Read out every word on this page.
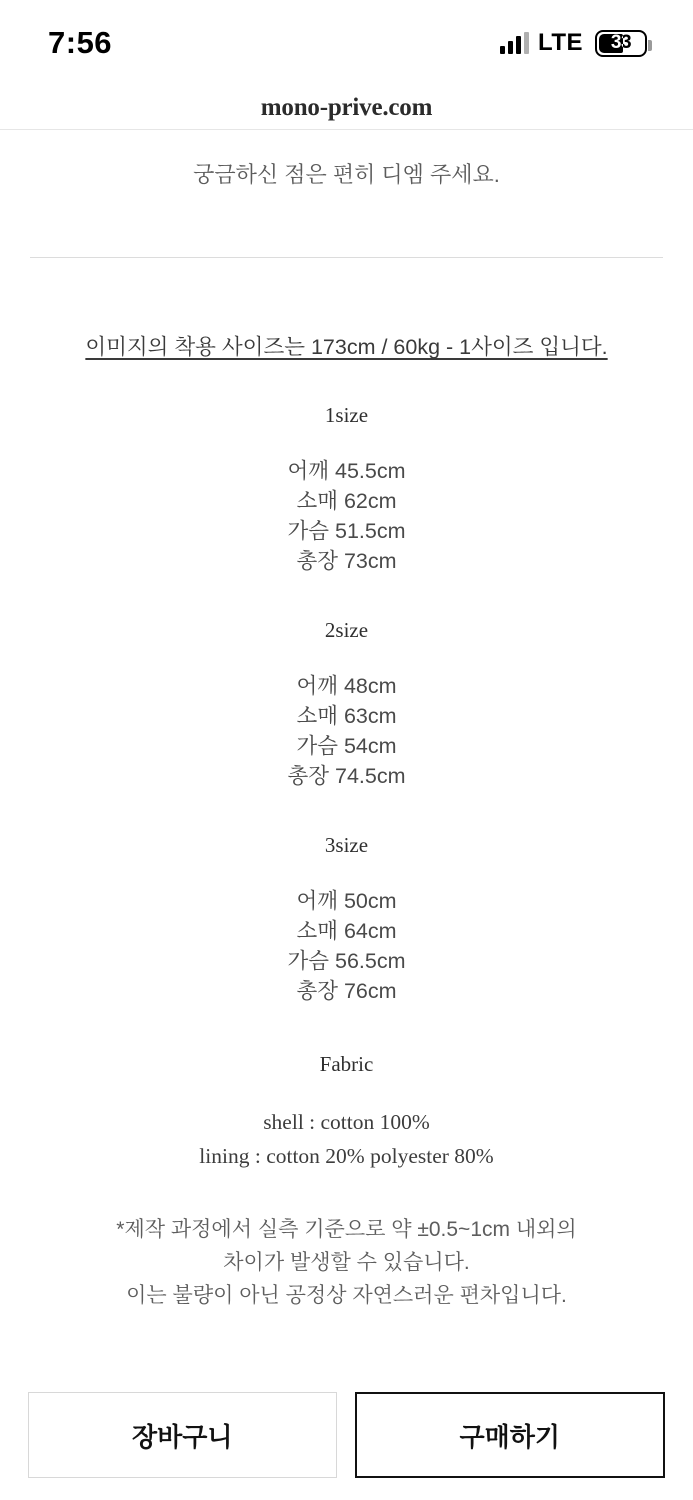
7:56	LTE 33
mono-prive.com
궁금하신 점은 편히 디엠 주세요.
이미지의 착용 사이즈는 173cm / 60kg - 1사이즈 입니다.
1size
어깨 45.5cm
소매 62cm
가슴 51.5cm
총장 73cm
2size
어깨 48cm
소매 63cm
가슴 54cm
총장 74.5cm
3size
어깨 50cm
소매 64cm
가슴 56.5cm
총장 76cm
Fabric
shell : cotton 100%
lining : cotton 20% polyester 80%
*제작 과정에서 실측 기준으로 약 ±0.5~1cm 내외의
차이가 발생할 수 있습니다.
이는 불량이 아닌 공정상 자연스러운 편차입니다.
장바구니	구매하기
